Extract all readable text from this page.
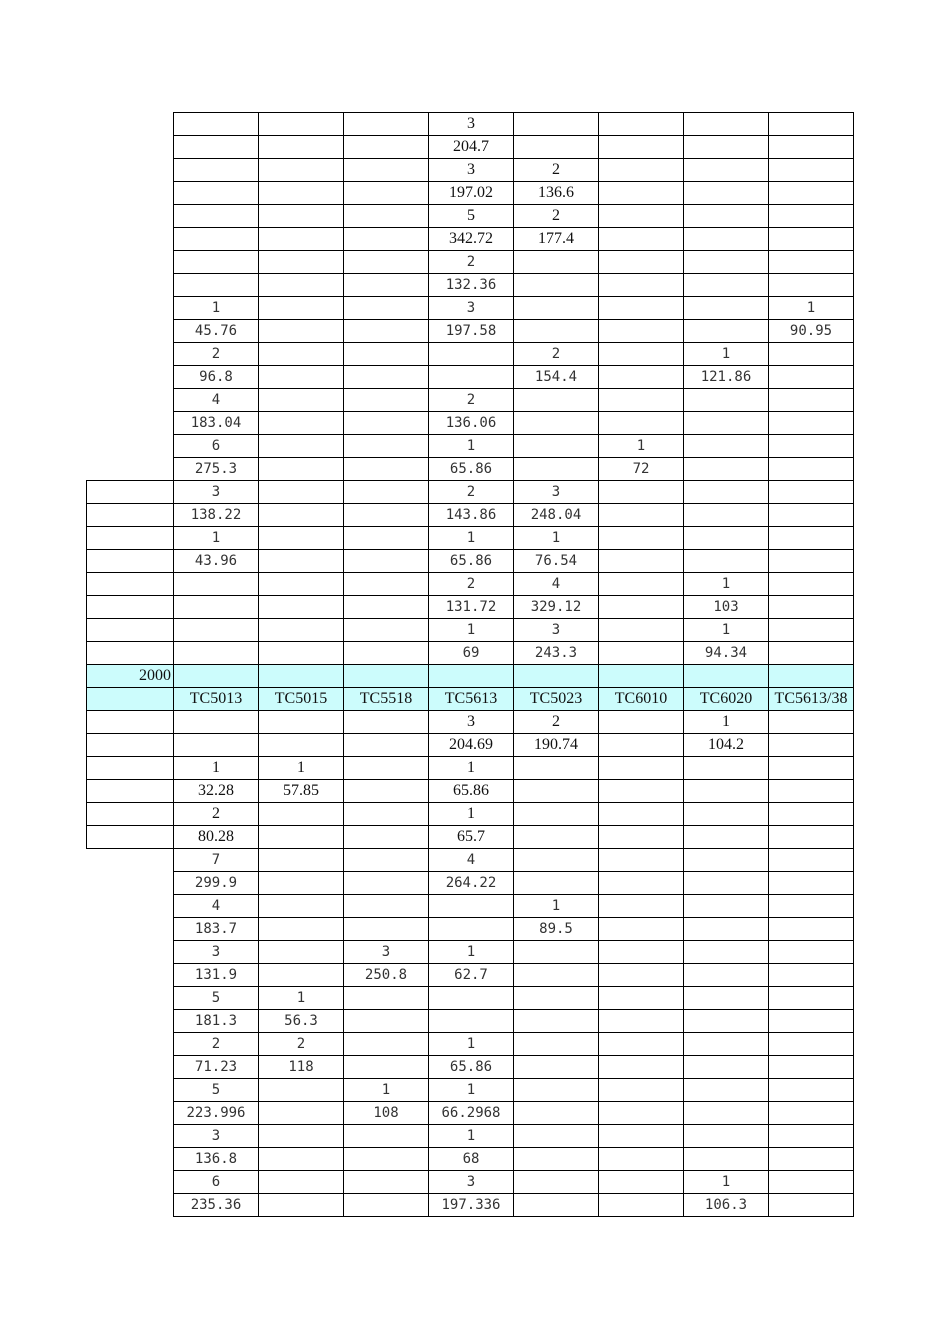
				3				
				204.7				
				3	2			
				197.02	136.6			
				5	2			
				342.72	177.4			
				2				
				132.36				
	1			3				1
	45.76			197.58				90.95
	2				2		1	
	96.8				154.4		121.86	
	4			2				
	183.04			136.06				
	6			1		1		
	275.3			65.86		72		
	3			2	3			
	138.22			143.86	248.04			
	1			1	1			
	43.96			65.86	76.54			
				2	4		1	
				131.72	329.12		103	
				1	3		1	
				69	243.3		94.34	
2000								
	TC5013	TC5015	TC5518	TC5613	TC5023	TC6010	TC6020	TC5613/38
				3	2		1	
				204.69	190.74		104.2	
	1	1		1				
	32.28	57.85		65.86				
	2			1				
	80.28			65.7				
	7			4				
	299.9			264.22				
	4				1			
	183.7				89.5			
	3		3	1				
	131.9		250.8	62.7				
	5	1						
	181.3	56.3						
	2	2		1				
	71.23	118		65.86				
	5		1	1				
	223.996		108	66.2968				
	3			1				
	136.8			68				
	6			3			1	
	235.36			197.336			106.3	
